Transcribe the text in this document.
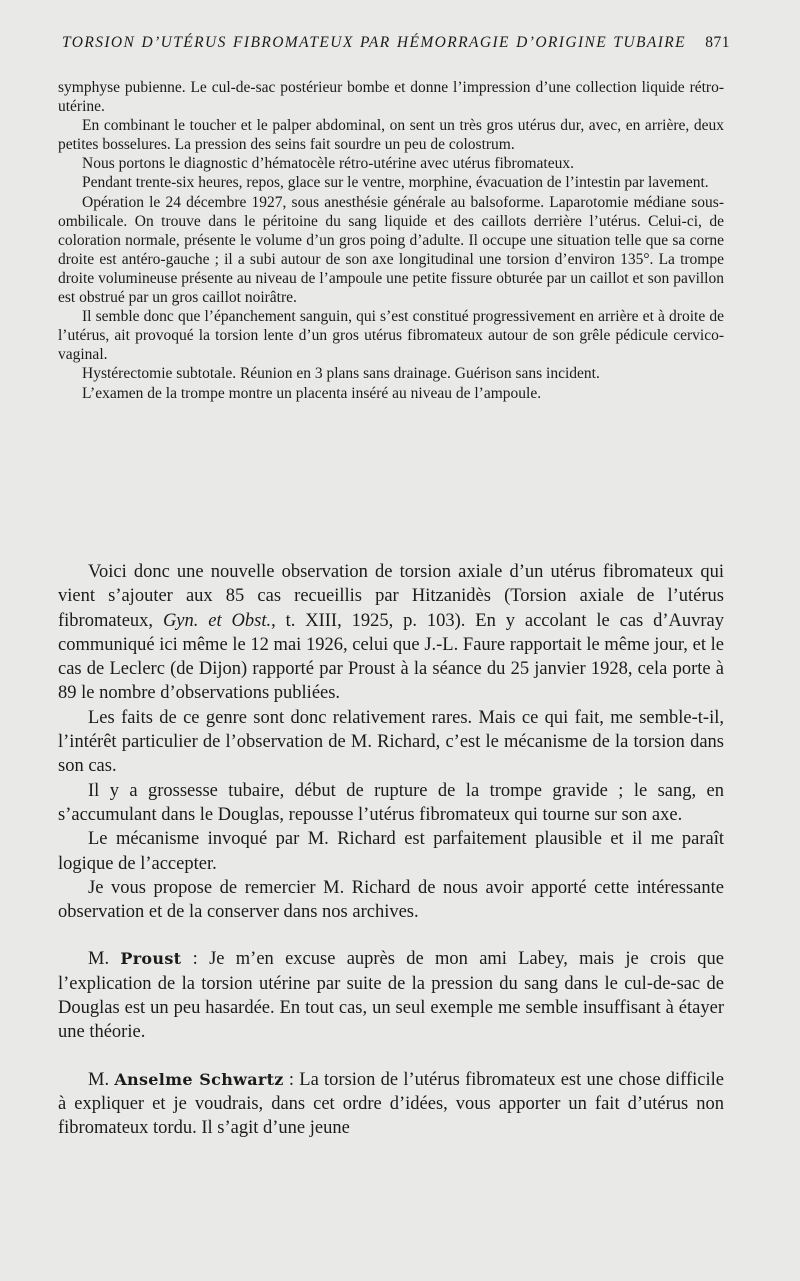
TORSION D’UTÉRUS FIBROMATEUX PAR HÉMORRAGIE D’ORIGINE TUBAIRE 871

symphyse pubienne. Le cul-de-sac postérieur bombe et donne l’impression d’une collection liquide rétro-utérine.

En combinant le toucher et le palper abdominal, on sent un très gros utérus dur, avec, en arrière, deux petites bosselures. La pression des seins fait sourdre un peu de colostrum.

Nous portons le diagnostic d’hématocèle rétro-utérine avec utérus fibromateux.

Pendant trente-six heures, repos, glace sur le ventre, morphine, évacuation de l’intestin par lavement.

Opération le 24 décembre 1927, sous anesthésie générale au balsoforme. Laparotomie médiane sous-ombilicale. On trouve dans le péritoine du sang liquide et des caillots derrière l’utérus. Celui-ci, de coloration normale, présente le volume d’un gros poing d’adulte. Il occupe une situation telle que sa corne droite est antéro-gauche ; il a subi autour de son axe longitudinal une torsion d’environ 135°. La trompe droite volumineuse présente au niveau de l’ampoule une petite fissure obturée par un caillot et son pavillon est obstrué par un gros caillot noirâtre.

Il semble donc que l’épanchement sanguin, qui s’est constitué progressivement en arrière et à droite de l’utérus, ait provoqué la torsion lente d’un gros utérus fibromateux autour de son grêle pédicule cervico-vaginal.

Hystérectomie subtotale. Réunion en 3 plans sans drainage. Guérison sans incident.

L’examen de la trompe montre un placenta inséré au niveau de l’ampoule.

Voici donc une nouvelle observation de torsion axiale d’un utérus fibromateux qui vient s’ajouter aux 85 cas recueillis par Hitzanidès (Torsion axiale de l’utérus fibromateux, Gyn. et Obst., t. XIII, 1925, p. 103). En y accolant le cas d’Auvray communiqué ici même le 12 mai 1926, celui que J.-L. Faure rapportait le même jour, et le cas de Leclerc (de Dijon) rapporté par Proust à la séance du 25 janvier 1928, cela porte à 89 le nombre d’observations publiées.

Les faits de ce genre sont donc relativement rares. Mais ce qui fait, me semble-t-il, l’intérêt particulier de l’observation de M. Richard, c’est le mécanisme de la torsion dans son cas.

Il y a grossesse tubaire, début de rupture de la trompe gravide ; le sang, en s’accumulant dans le Douglas, repousse l’utérus fibromateux qui tourne sur son axe.

Le mécanisme invoqué par M. Richard est parfaitement plausible et il me paraît logique de l’accepter.

Je vous propose de remercier M. Richard de nous avoir apporté cette intéressante observation et de la conserver dans nos archives.

M. Proust : Je m’en excuse auprès de mon ami Labey, mais je crois que l’explication de la torsion utérine par suite de la pression du sang dans le cul-de-sac de Douglas est un peu hasardée. En tout cas, un seul exemple me semble insuffisant à étayer une théorie.

M. Anselme Schwartz : La torsion de l’utérus fibromateux est une chose difficile à expliquer et je voudrais, dans cet ordre d’idées, vous apporter un fait d’utérus non fibromateux tordu. Il s’agit d’une jeune
